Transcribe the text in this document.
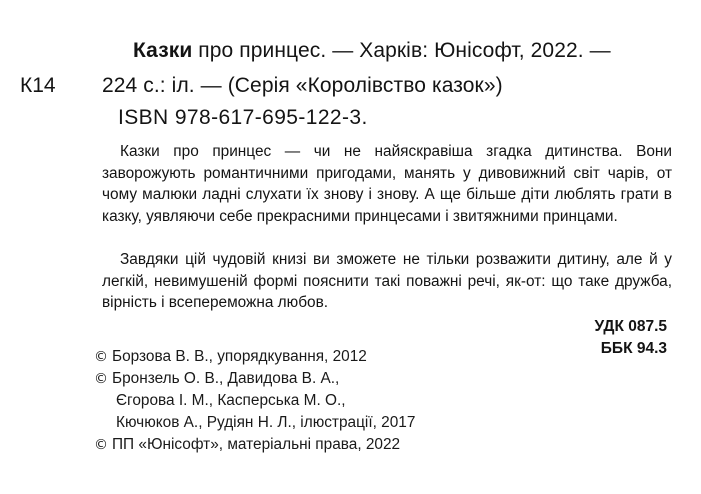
К14
Казки про принцес. — Харків: Юнісофт, 2022. —
224 с.: іл. — (Серія «Королівство казок»)
ISBN 978-617-695-122-3.

Казки про принцес — чи не найяскравіша згадка дитинства. Вони заворожують романтичними пригодами, манять у дивовижний світ чарів, от чому малюки ладні слухати їх знову і знову. А ще більше діти люблять грати в казку, уявляючи себе прекрасними принцесами і звитяжними принцами.

Завдяки цій чудовій книзі ви зможете не тільки розважити дитину, але й у легкій, невимушеній формі пояснити такі поважні речі, як-от: що таке дружба, вірність і всепереможна любов.

УДК 087.5
ББК 94.3
© Борзова В. В., упорядкування, 2012
© Бронзель О. В., Давидова В. А.,
Єгорова І. М., Касперська М. О.,
Кючюков А., Рудіян Н. Л., ілюстрації, 2017
© ПП «Юнісофт», матеріальні права, 2022
